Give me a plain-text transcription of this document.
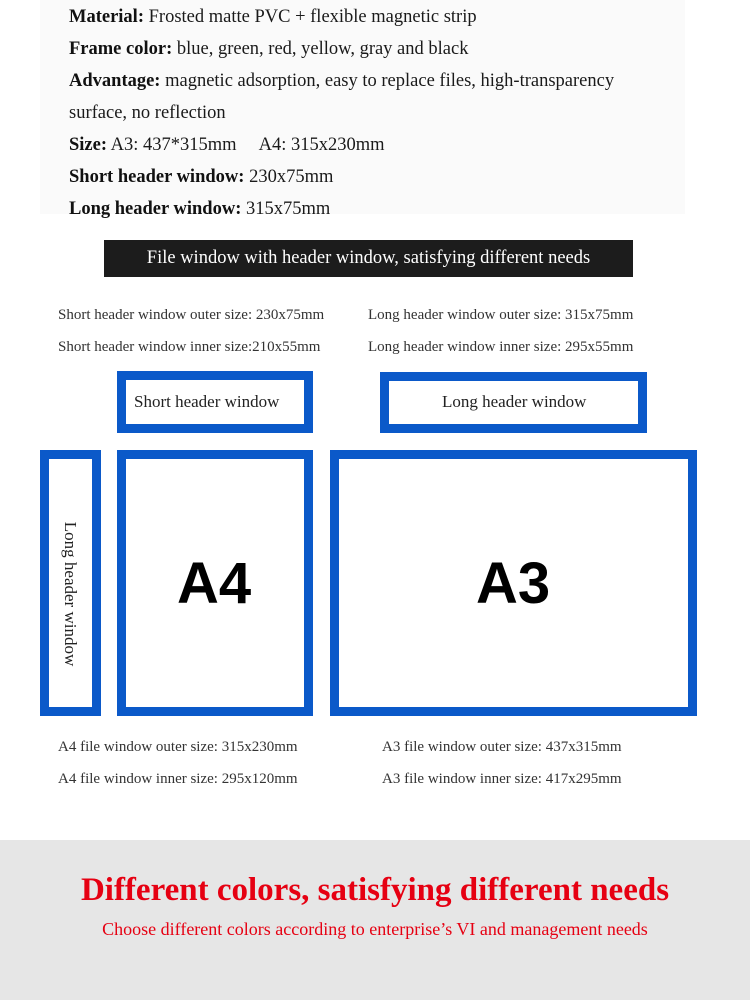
Material: Frosted matte PVC + flexible magnetic strip
Frame color: blue, green, red, yellow, gray and black
Advantage: magnetic adsorption, easy to replace files, high-transparency
surface, no reflection
Size: A3: 437*315mm     A4: 315x230mm
Short header window: 230x75mm
Long header window: 315x75mm
File window with header window, satisfying different needs
Short header window outer size: 230x75mm
Short header window inner size:210x55mm
Long header window outer size: 315x75mm
Long header window inner size: 295x55mm
Short header window	Long header window
Long header window A4	A3
A4 file window outer size: 315x230mm
A4 file window inner size: 295x120mm
A3 file window outer size: 437x315mm
A3 file window inner size: 417x295mm
Different colors, satisfying different needs
Choose different colors according to enterprise’s VI and management needs
